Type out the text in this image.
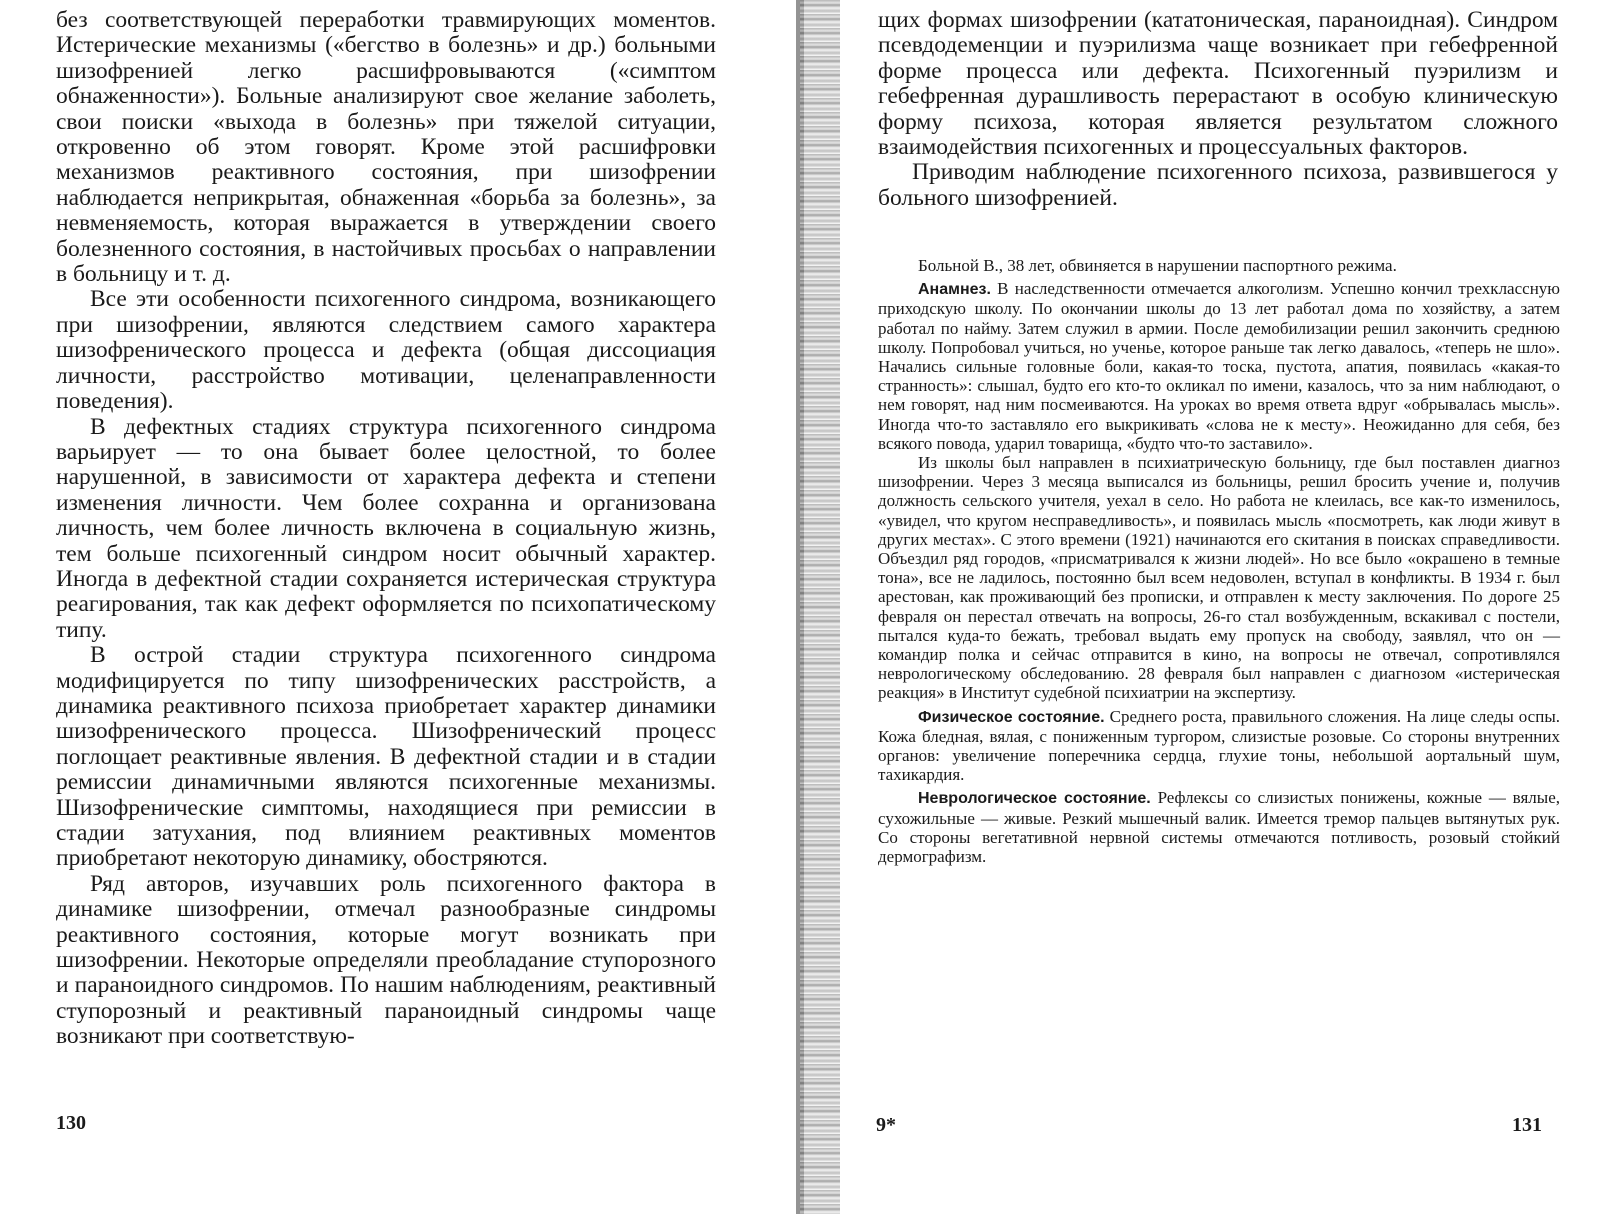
без соответствующей переработки травмирующих моментов. Истерические механизмы («бегство в болезнь» и др.) больными шизофренией легко расшифровываются («симптом обнаженности»). Больные анализируют свое желание заболеть, свои поиски «выхода в болезнь» при тяжелой ситуации, откровенно об этом говорят. Кроме этой расшифровки механизмов реактивного состояния, при шизофрении наблюдается неприкрытая, обнаженная «борьба за болезнь», за невменяемость, которая выражается в утверждении своего болезненного состояния, в настойчивых просьбах о направлении в больницу и т. д.

Все эти особенности психогенного синдрома, возникающего при шизофрении, являются следствием самого характера шизофренического процесса и дефекта (общая диссоциация личности, расстройство мотивации, целенаправленности поведения).

В дефектных стадиях структура психогенного синдрома варьирует — то она бывает более целостной, то более нарушенной, в зависимости от характера дефекта и степени изменения личности. Чем более сохранна и организована личность, чем более личность включена в социальную жизнь, тем больше психогенный синдром носит обычный характер. Иногда в дефектной стадии сохраняется истерическая структура реагирования, так как дефект оформляется по психопатическому типу.

В острой стадии структура психогенного синдрома модифицируется по типу шизофренических расстройств, а динамика реактивного психоза приобретает характер динамики шизофренического процесса. Шизофренический процесс поглощает реактивные явления. В дефектной стадии и в стадии ремиссии динамичными являются психогенные механизмы. Шизофренические симптомы, находящиеся при ремиссии в стадии затухания, под влиянием реактивных моментов приобретают некоторую динамику, обостряются.

Ряд авторов, изучавших роль психогенного фактора в динамике шизофрении, отмечал разнообразные синдромы реактивного состояния, которые могут возникать при шизофрении. Некоторые определяли преобладание ступорозного и параноидного синдромов. По нашим наблюдениям, реактивный ступорозный и реактивный параноидный синдромы чаще возникают при соответствую-

130

щих формах шизофрении (кататоническая, параноидная). Синдром псевдодеменции и пуэрилизма чаще возникает при гебефренной форме процесса или дефекта. Психогенный пуэрилизм и гебефренная дурашливость перерастают в особую клиническую форму психоза, которая является результатом сложного взаимодействия психогенных и процессуальных факторов.

Приводим наблюдение психогенного психоза, развившегося у больного шизофренией.

Больной В., 38 лет, обвиняется в нарушении паспортного режима.

Анамнез. В наследственности отмечается алкоголизм. Успешно кончил трехклассную приходскую школу. По окончании школы до 13 лет работал дома по хозяйству, а затем работал по найму. Затем служил в армии. После демобилизации решил закончить среднюю школу. Попробовал учиться, но ученье, которое раньше так легко давалось, «теперь не шло». Начались сильные головные боли, какая-то тоска, пустота, апатия, появилась «какая-то странность»: слышал, будто его кто-то окликал по имени, казалось, что за ним наблюдают, о нем говорят, над ним посмеиваются. На уроках во время ответа вдруг «обрывалась мысль». Иногда что-то заставляло его выкрикивать «слова не к месту». Неожиданно для себя, без всякого повода, ударил товарища, «будто что-то заставило».

Из школы был направлен в психиатрическую больницу, где был поставлен диагноз шизофрении. Через 3 месяца выписался из больницы, решил бросить учение и, получив должность сельского учителя, уехал в село. Но работа не клеилась, все как-то изменилось, «увидел, что кругом несправедливость», и появилась мысль «посмотреть, как люди живут в других местах». С этого времени (1921) начинаются его скитания в поисках справедливости. Объездил ряд городов, «присматривался к жизни людей». Но все было «окрашено в темные тона», все не ладилось, постоянно был всем недоволен, вступал в конфликты. В 1934 г. был арестован, как проживающий без прописки, и отправлен к месту заключения. По дороге 25 февраля он перестал отвечать на вопросы, 26-го стал возбужденным, вскакивал с постели, пытался куда-то бежать, требовал выдать ему пропуск на свободу, заявлял, что он — командир полка и сейчас отправится в кино, на вопросы не отвечал, сопротивлялся неврологическому обследованию. 28 февраля был направлен с диагнозом «истерическая реакция» в Институт судебной психиатрии на экспертизу.

Физическое состояние. Среднего роста, правильного сложения. На лице следы оспы. Кожа бледная, вялая, с пониженным тургором, слизистые розовые. Со стороны внутренних органов: увеличение поперечника сердца, глухие тоны, небольшой аортальный шум, тахикардия.

Неврологическое состояние. Рефлексы со слизистых понижены, кожные — вялые, сухожильные — живые. Резкий мышечный валик. Имеется тремор пальцев вытянутых рук. Со стороны вегетативной нервной системы отмечаются потливость, розовый стойкий дермографизм.

9*	131
